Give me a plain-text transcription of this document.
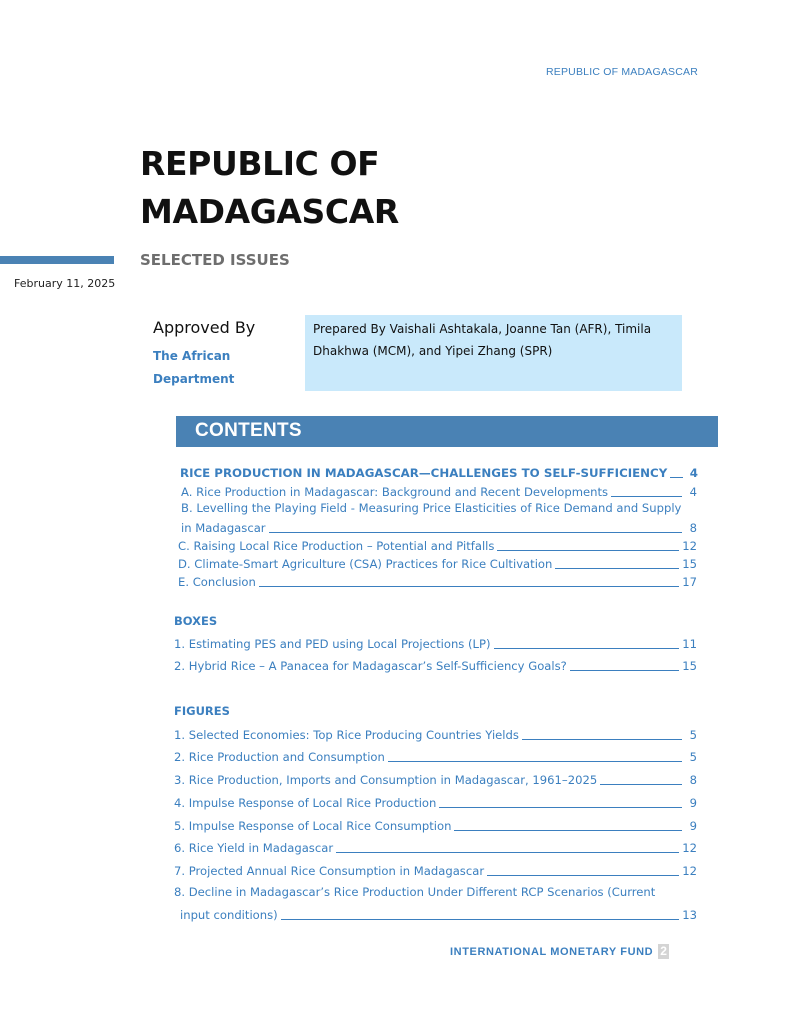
REPUBLIC OF MADAGASCAR
REPUBLIC OF
MADAGASCAR
SELECTED ISSUES
February 11, 2025
Approved By
The African
Department
Prepared By Vaishali Ashtakala, Joanne Tan (AFR), Timila Dhakhwa (MCM), and Yipei Zhang (SPR)
CONTENTS
RICE PRODUCTION IN MADAGASCAR—CHALLENGES TO SELF-SUFFICIENCY	4
A. Rice Production in Madagascar: Background and Recent Developments	4
B. Levelling the Playing Field - Measuring Price Elasticities of Rice Demand and Supply
in Madagascar	8
C. Raising Local Rice Production – Potential and Pitfalls	12
D. Climate-Smart Agriculture (CSA) Practices for Rice Cultivation	15
E. Conclusion	17
BOXES
1. Estimating PES and PED using Local Projections (LP)	11
2. Hybrid Rice – A Panacea for Madagascar’s Self-Sufficiency Goals?	15
FIGURES
1. Selected Economies: Top Rice Producing Countries Yields	5
2. Rice Production and Consumption	5
3. Rice Production, Imports and Consumption in Madagascar, 1961–2025	8
4. Impulse Response of Local Rice Production	9
5. Impulse Response of Local Rice Consumption	9
6. Rice Yield in Madagascar	12
7. Projected Annual Rice Consumption in Madagascar	12
8. Decline in Madagascar’s Rice Production Under Different RCP Scenarios (Current
input conditions)	13
INTERNATIONAL MONETARY FUND 2
